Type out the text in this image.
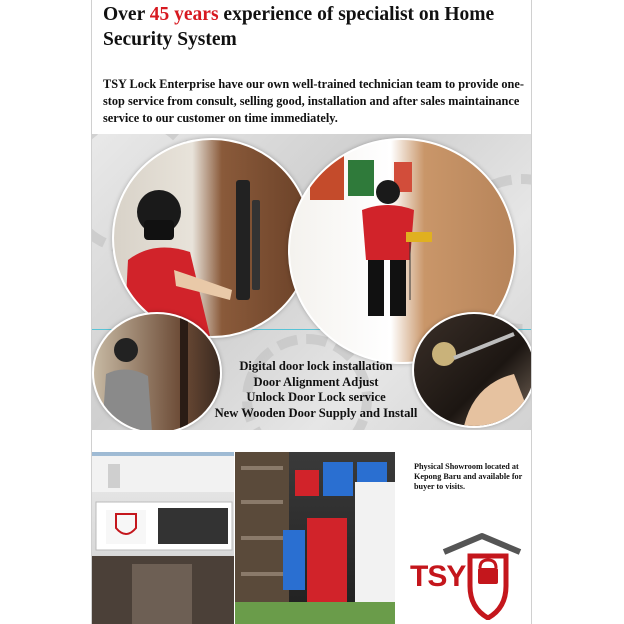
Over 45 years experience of specialist on Home Security System
TSY Lock Enterprise have our own well-trained technician team to provide one-stop service from consult, selling good, installation and after sales maintainance service to our customer on time immediately.
Digital door lock installation
Door Alignment Adjust
Unlock Door Lock service
New Wooden Door Supply and Install
Physical Showroom located at Kepong Baru and available for buyer to visits.
TSY
